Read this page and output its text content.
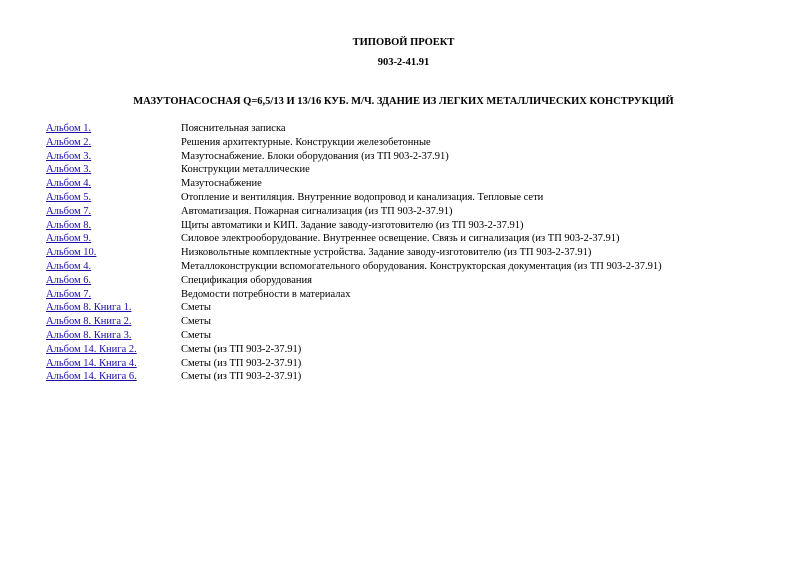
ТИПОВОЙ ПРОЕКТ
903-2-41.91
МАЗУТОНАСОСНАЯ Q=6,5/13 И 13/16 КУБ. М/Ч. ЗДАНИЕ ИЗ ЛЕГКИХ МЕТАЛЛИЧЕСКИХ КОНСТРУКЦИЙ
Альбом 1.	Пояснительная записка
Альбом 2.	Решения архитектурные. Конструкции железобетонные
Альбом 3.	Мазутоснабжение. Блоки оборудования (из ТП 903-2-37.91)
Альбом 3.	Конструкции металлические
Альбом 4.	Мазутоснабжение
Альбом 5.	Отопление и вентиляция. Внутренние водопровод и канализация. Тепловые сети
Альбом 7.	Автоматизация. Пожарная сигнализация (из ТП 903-2-37.91)
Альбом 8.	Щиты автоматики и КИП. Задание заводу-изготовителю (из ТП 903-2-37.91)
Альбом 9.	Силовое электрооборудование. Внутреннее освещение. Связь и сигнализация (из ТП 903-2-37.91)
Альбом 10.	Низковольтные комплектные устройства. Задание заводу-изготовителю (из ТП 903-2-37.91)
Альбом 4.	Металлоконструкции вспомогательного оборудования. Конструкторская документация (из ТП 903-2-37.91)
Альбом 6.	Спецификация оборудования
Альбом 7.	Ведомости потребности в материалах
Альбом 8. Книга 1.	Сметы
Альбом 8. Книга 2.	Сметы
Альбом 8. Книга 3.	Сметы
Альбом 14. Книга 2.	Сметы (из ТП 903-2-37.91)
Альбом 14. Книга 4.	Сметы (из ТП 903-2-37.91)
Альбом 14. Книга 6.	Сметы (из ТП 903-2-37.91)
